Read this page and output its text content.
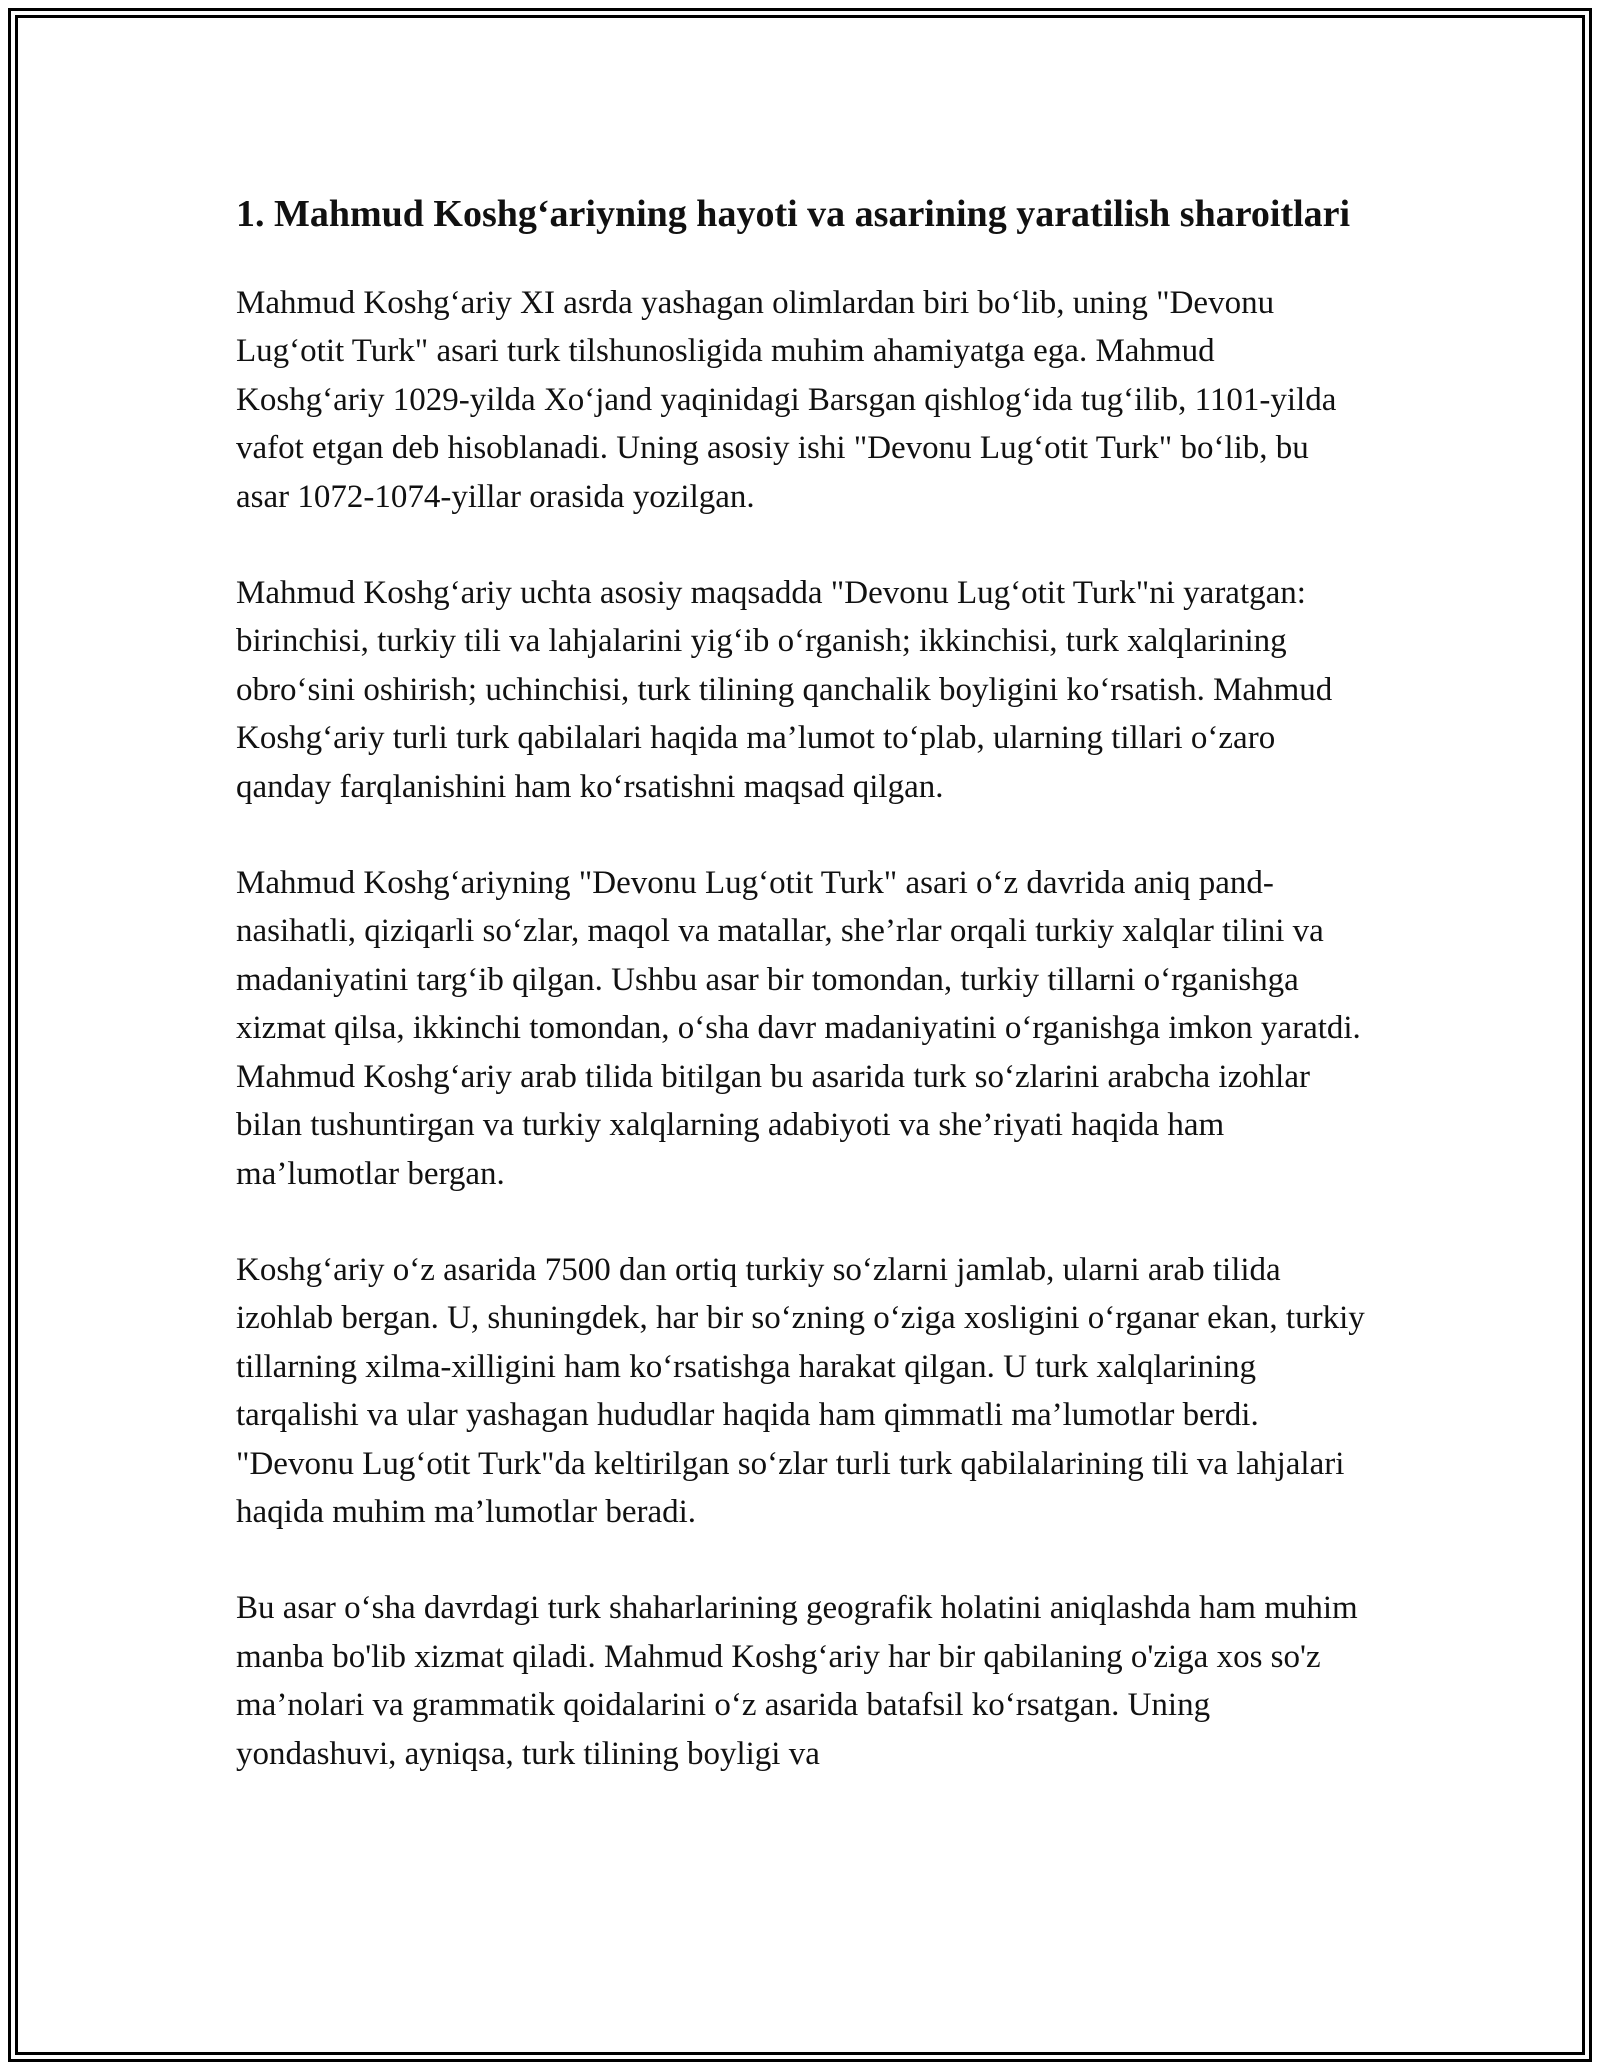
1. Mahmud Koshg‘ariyning hayoti va asarining yaratilish sharoitlari

Mahmud Koshg‘ariy XI asrda yashagan olimlardan biri bo‘lib, uning "Devonu Lug‘otit Turk" asari turk tilshunosligida muhim ahamiyatga ega. Mahmud Koshg‘ariy 1029-yilda Xo‘jand yaqinidagi Barsgan qishlog‘ida tug‘ilib, 1101-yilda vafot etgan deb hisoblanadi. Uning asosiy ishi "Devonu Lug‘otit Turk" bo‘lib, bu asar 1072-1074-yillar orasida yozilgan.

Mahmud Koshg‘ariy uchta asosiy maqsadda "Devonu Lug‘otit Turk"ni yaratgan: birinchisi, turkiy tili va lahjalarini yig‘ib o‘rganish; ikkinchisi, turk xalqlarining obro‘sini oshirish; uchinchisi, turk tilining qanchalik boyligini ko‘rsatish. Mahmud Koshg‘ariy turli turk qabilalari haqida ma’lumot to‘plab, ularning tillari o‘zaro qanday farqlanishini ham ko‘rsatishni maqsad qilgan.

Mahmud Koshg‘ariyning "Devonu Lug‘otit Turk" asari o‘z davrida aniq pand-nasihatli, qiziqarli so‘zlar, maqol va matallar, she’rlar orqali turkiy xalqlar tilini va madaniyatini targ‘ib qilgan. Ushbu asar bir tomondan, turkiy tillarni o‘rganishga xizmat qilsa, ikkinchi tomondan, o‘sha davr madaniyatini o‘rganishga imkon yaratdi. Mahmud Koshg‘ariy arab tilida bitilgan bu asarida turk so‘zlarini arabcha izohlar bilan tushuntirgan va turkiy xalqlarning adabiyoti va she’riyati haqida ham ma’lumotlar bergan.

Koshg‘ariy o‘z asarida 7500 dan ortiq turkiy so‘zlarni jamlab, ularni arab tilida izohlab bergan. U, shuningdek, har bir so‘zning o‘ziga xosligini o‘rganar ekan, turkiy tillarning xilma-xilligini ham ko‘rsatishga harakat qilgan. U turk xalqlarining tarqalishi va ular yashagan hududlar haqida ham qimmatli ma’lumotlar berdi. "Devonu Lug‘otit Turk"da keltirilgan so‘zlar turli turk qabilalarining tili va lahjalari haqida muhim ma’lumotlar beradi.

Bu asar o‘sha davrdagi turk shaharlarining geografik holatini aniqlashda ham muhim manba bo'lib xizmat qiladi. Mahmud Koshg‘ariy har bir qabilaning o'ziga xos so'z ma’nolari va grammatik qoidalarini o‘z asarida batafsil ko‘rsatgan. Uning yondashuvi, ayniqsa, turk tilining boyligi va
